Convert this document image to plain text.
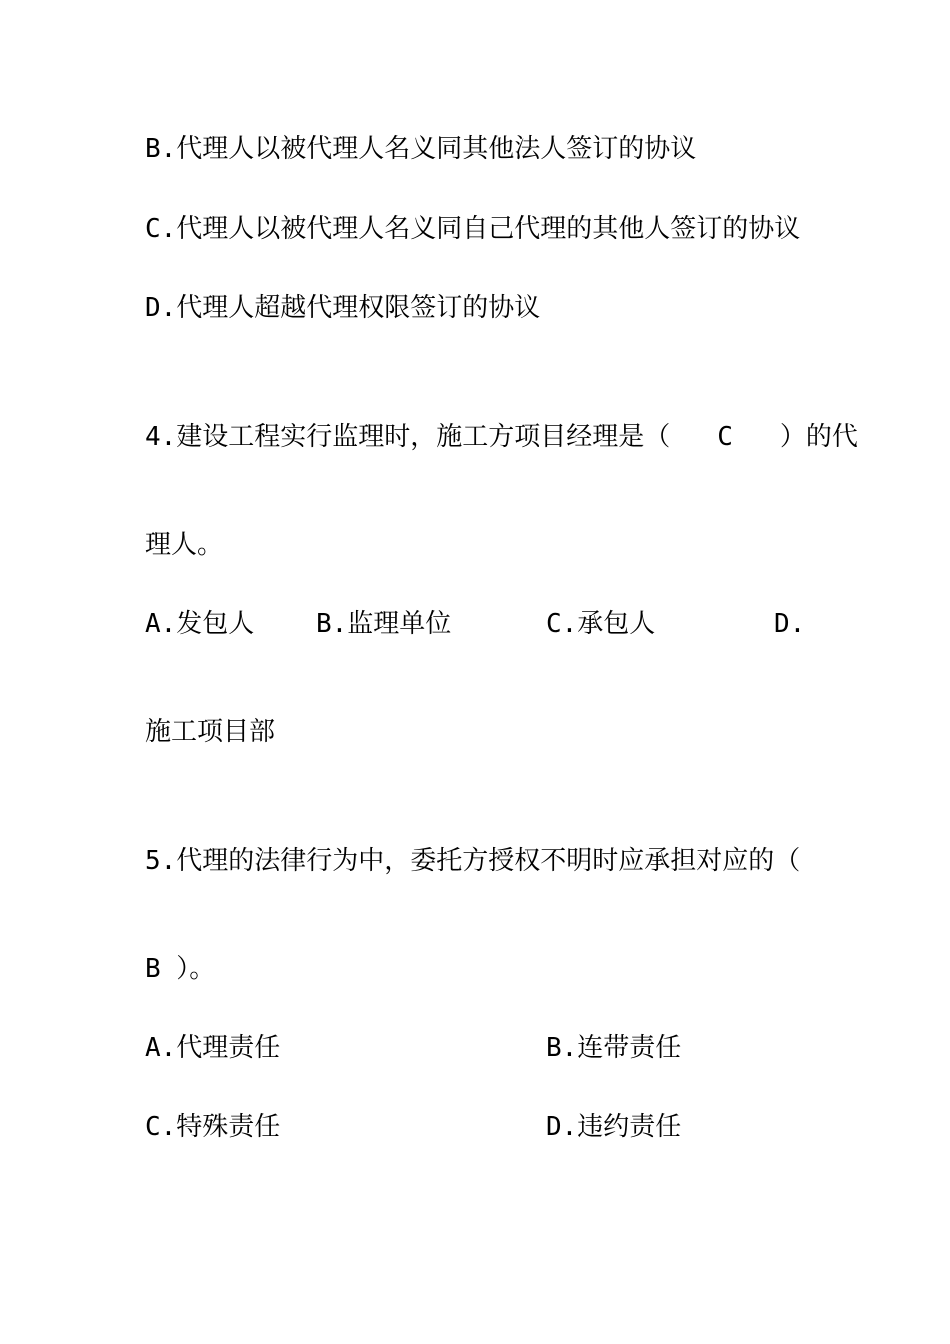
B.代理人以被代理人名义同其他法人签订的协议
C.代理人以被代理人名义同自己代理的其他人签订的协议
D.代理人超越代理权限签订的协议
4.建设工程实行监理时，施工方项目经理是（   C   ）的代
理人。
A.发包人 B.监理单位	C.承包人	D.
施工项目部
5.代理的法律行为中，委托方授权不明时应承担对应的（
B ）。
A.代理责任	B.连带责任
C.特殊责任	D.违约责任
